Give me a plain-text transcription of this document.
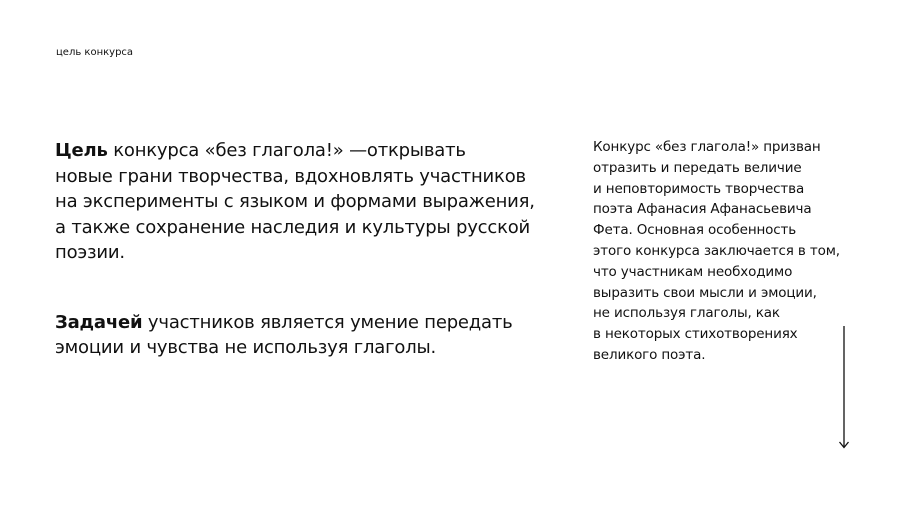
цель конкурса

Цель конкурса «без глагола!» —открывать
новые грани творчества, вдохновлять участников
на эксперименты с языком и формами выражения,
а также сохранение наследия и культуры русской
поэзии.

Задачей участников является умение передать
эмоции и чувства не используя глаголы.

Конкурс «без глагола!» призван
отразить и передать величие
и неповторимость творчества
поэта Афанасия Афанасьевича
Фета. Основная особенность
этого конкурса заключается в том,
что участникам необходимо
выразить свои мысли и эмоции,
не используя глаголы, как
в некоторых стихотворениях
великого поэта.
